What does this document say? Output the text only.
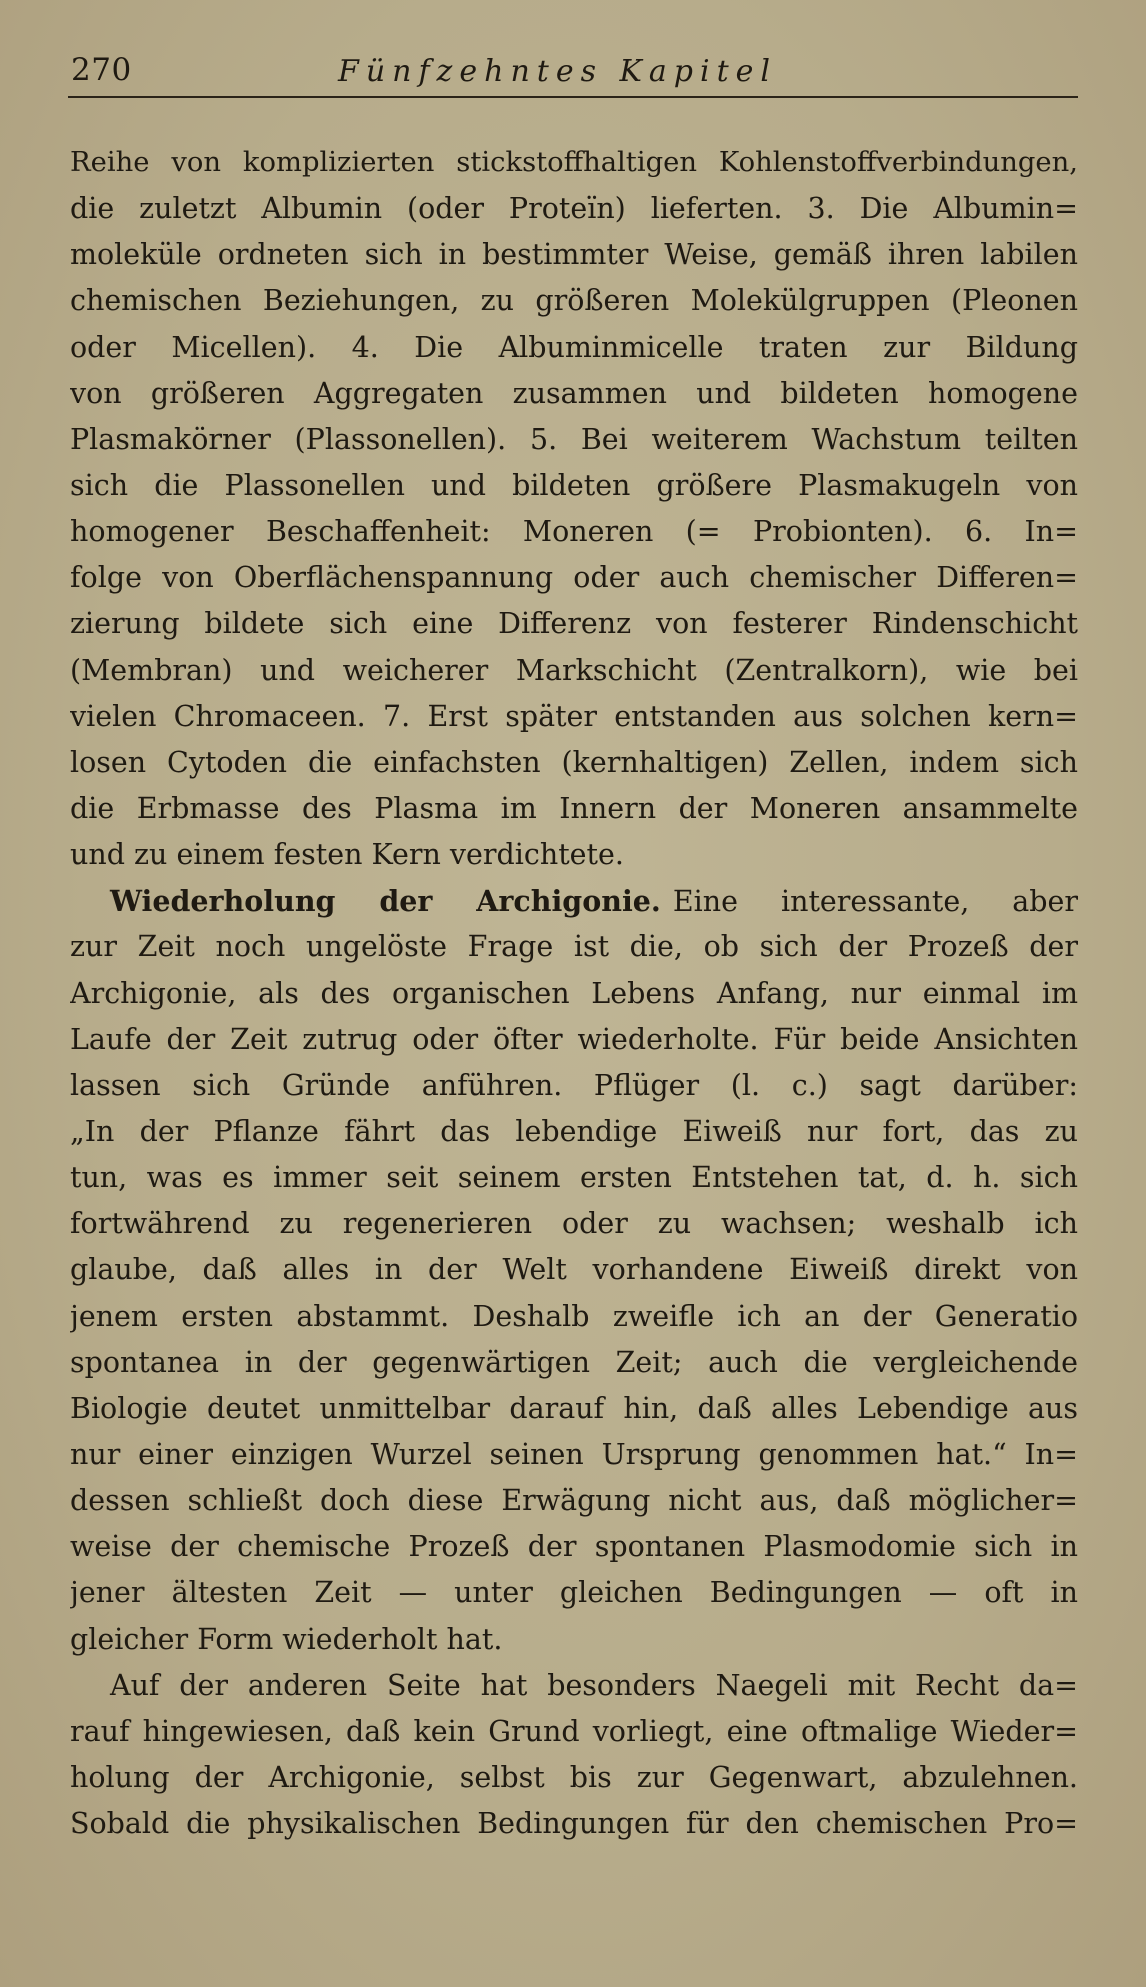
270	Fünfzehntes Kapitel
Reihe von komplizierten stickstoffhaltigen Kohlenstoffverbindungen,
die zuletzt Albumin (oder Proteïn) lieferten. 3. Die Albumin=
moleküle ordneten sich in bestimmter Weise, gemäß ihren labilen
chemischen Beziehungen, zu größeren Molekülgruppen (Pleonen
oder Micellen). 4. Die Albuminmicelle traten zur Bildung
von größeren Aggregaten zusammen und bildeten homogene
Plasmakörner (Plassonellen). 5. Bei weiterem Wachstum teilten
sich die Plassonellen und bildeten größere Plasmakugeln von
homogener Beschaffenheit: Moneren (= Probionten). 6. In=
folge von Oberflächenspannung oder auch chemischer Differen=
zierung bildete sich eine Differenz von festerer Rindenschicht
(Membran) und weicherer Markschicht (Zentralkorn), wie bei
vielen Chromaceen. 7. Erst später entstanden aus solchen kern=
losen Cytoden die einfachsten (kernhaltigen) Zellen, indem sich
die Erbmasse des Plasma im Innern der Moneren ansammelte
und zu einem festen Kern verdichtete.
Wiederholung der Archigonie. Eine interessante, aber
zur Zeit noch ungelöste Frage ist die, ob sich der Prozeß der
Archigonie, als des organischen Lebens Anfang, nur einmal im
Laufe der Zeit zutrug oder öfter wiederholte. Für beide Ansichten
lassen sich Gründe anführen. Pflüger (l. c.) sagt darüber:
„In der Pflanze fährt das lebendige Eiweiß nur fort, das zu
tun, was es immer seit seinem ersten Entstehen tat, d. h. sich
fortwährend zu regenerieren oder zu wachsen; weshalb ich
glaube, daß alles in der Welt vorhandene Eiweiß direkt von
jenem ersten abstammt. Deshalb zweifle ich an der Generatio
spontanea in der gegenwärtigen Zeit; auch die vergleichende
Biologie deutet unmittelbar darauf hin, daß alles Lebendige aus
nur einer einzigen Wurzel seinen Ursprung genommen hat.“ In=
dessen schließt doch diese Erwägung nicht aus, daß möglicher=
weise der chemische Prozeß der spontanen Plasmodomie sich in
jener ältesten Zeit — unter gleichen Bedingungen — oft in
gleicher Form wiederholt hat.
Auf der anderen Seite hat besonders Naegeli mit Recht da=
rauf hingewiesen, daß kein Grund vorliegt, eine oftmalige Wieder=
holung der Archigonie, selbst bis zur Gegenwart, abzulehnen.
Sobald die physikalischen Bedingungen für den chemischen Pro=
